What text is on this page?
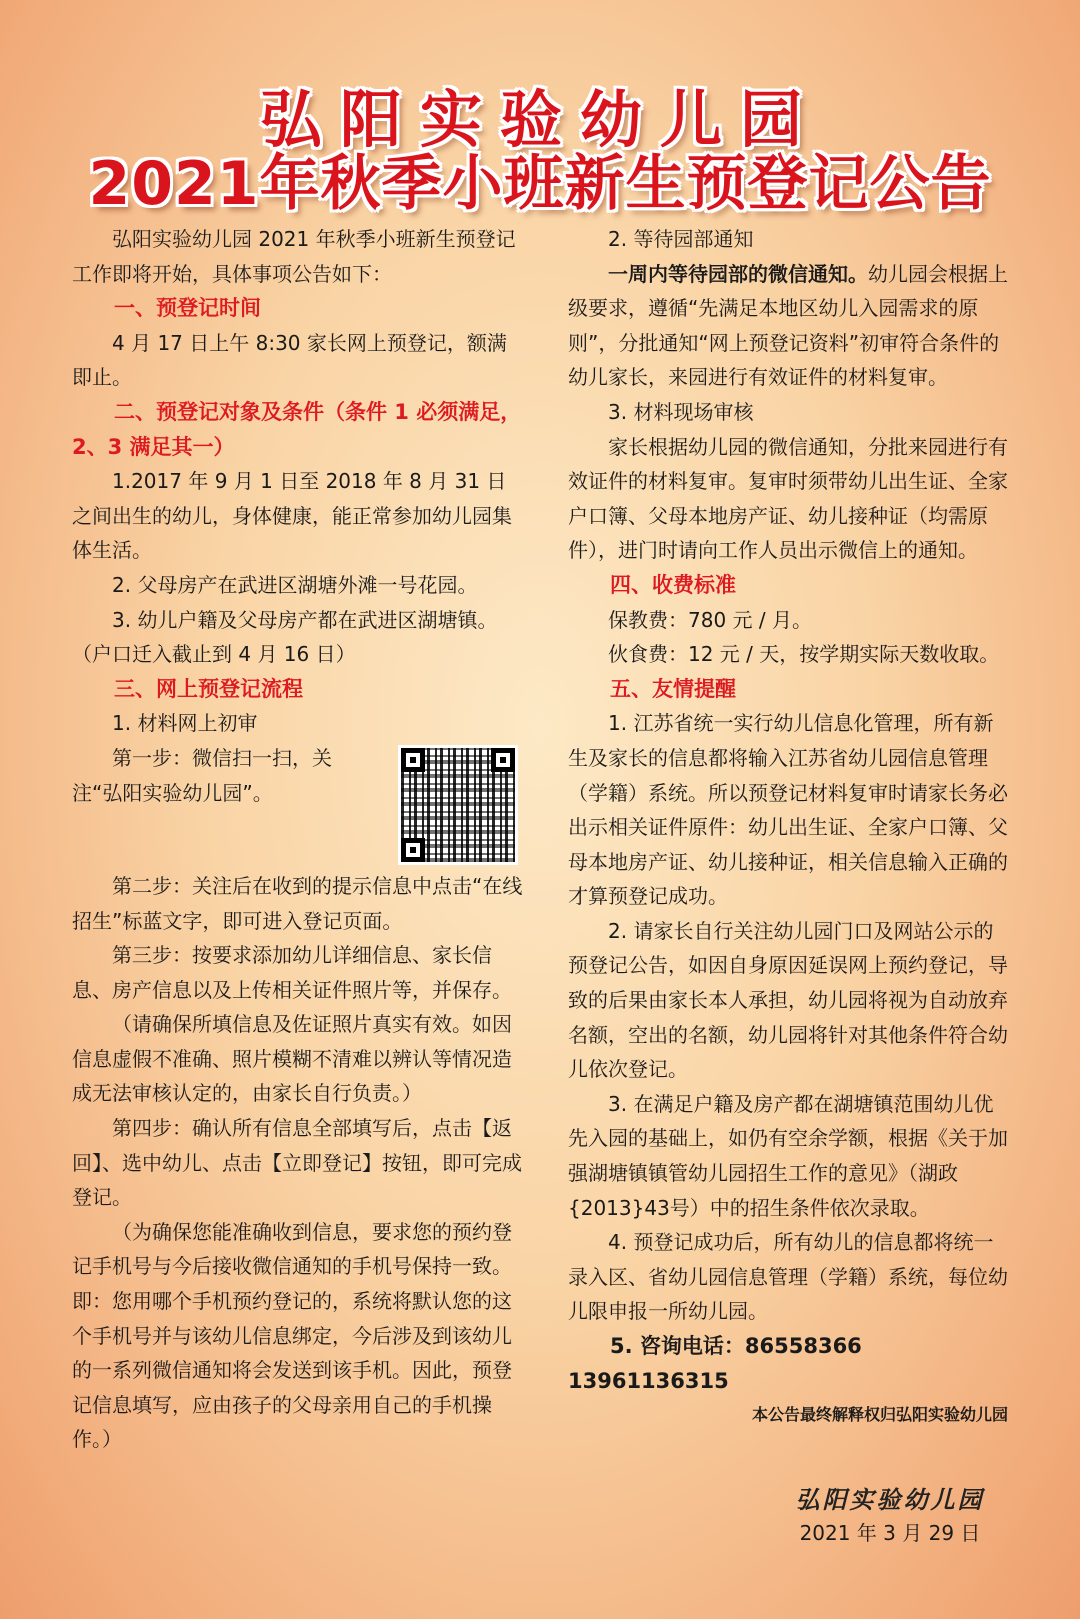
弘阳实验幼儿园
2021年秋季小班新生预登记公告

弘阳实验幼儿园 2021 年秋季小班新生预登记工作即将开始，具体事项公告如下：

一、预登记时间

4 月 17 日上午 8:30 家长网上预登记，额满即止。

二、预登记对象及条件（条件 1 必须满足，2、3 满足其一）

1.2017 年 9 月 1 日至 2018 年 8 月 31 日之间出生的幼儿，身体健康，能正常参加幼儿园集体生活。

2. 父母房产在武进区湖塘外滩一号花园。

3. 幼儿户籍及父母房产都在武进区湖塘镇。（户口迁入截止到 4 月 16 日）

三、网上预登记流程

1. 材料网上初审

第一步：微信扫一扫，关注“弘阳实验幼儿园”。

第二步：关注后在收到的提示信息中点击“在线招生”标蓝文字，即可进入登记页面。

第三步：按要求添加幼儿详细信息、家长信息、房产信息以及上传相关证件照片等，并保存。

（请确保所填信息及佐证照片真实有效。如因信息虚假不准确、照片模糊不清难以辨认等情况造成无法审核认定的，由家长自行负责。）

第四步：确认所有信息全部填写后，点击【返回】、选中幼儿、点击【立即登记】按钮，即可完成登记。

（为确保您能准确收到信息，要求您的预约登记手机号与今后接收微信通知的手机号保持一致。即：您用哪个手机预约登记的，系统将默认您的这个手机号并与该幼儿信息绑定，今后涉及到该幼儿的一系列微信通知将会发送到该手机。因此，预登记信息填写，应由孩子的父母亲用自己的手机操作。）

2. 等待园部通知

一周内等待园部的微信通知。幼儿园会根据上级要求，遵循“先满足本地区幼儿入园需求的原则”，分批通知“网上预登记资料”初审符合条件的幼儿家长，来园进行有效证件的材料复审。

3. 材料现场审核

家长根据幼儿园的微信通知，分批来园进行有效证件的材料复审。复审时须带幼儿出生证、全家户口簿、父母本地房产证、幼儿接种证（均需原件），进门时请向工作人员出示微信上的通知。

四、收费标准

保教费：780 元 / 月。

伙食费：12 元 / 天，按学期实际天数收取。

五、友情提醒

1. 江苏省统一实行幼儿信息化管理，所有新生及家长的信息都将输入江苏省幼儿园信息管理（学籍）系统。所以预登记材料复审时请家长务必出示相关证件原件：幼儿出生证、全家户口簿、父母本地房产证、幼儿接种证，相关信息输入正确的才算预登记成功。

2. 请家长自行关注幼儿园门口及网站公示的预登记公告，如因自身原因延误网上预约登记，导致的后果由家长本人承担，幼儿园将视为自动放弃名额，空出的名额，幼儿园将针对其他条件符合幼儿依次登记。

3. 在满足户籍及房产都在湖塘镇范围幼儿优先入园的基础上，如仍有空余学额，根据《关于加强湖塘镇镇管幼儿园招生工作的意见》（湖政{2013}43号）中的招生条件依次录取。

4. 预登记成功后，所有幼儿的信息都将统一录入区、省幼儿园信息管理（学籍）系统，每位幼儿限申报一所幼儿园。

5. 咨询电话：86558366 13961136315

本公告最终解释权归弘阳实验幼儿园

弘阳实验幼儿园
2021 年 3 月 29 日
